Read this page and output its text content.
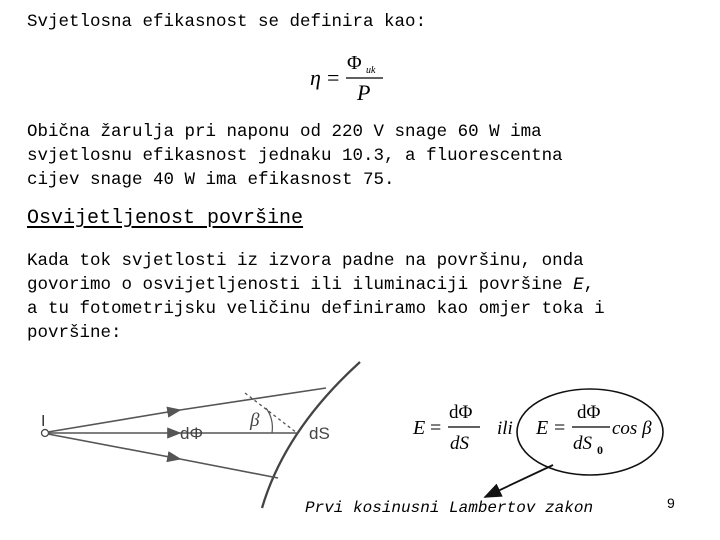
Svjetlosna efikasnost se definira kao:
η =
Φ uk
P
Obična žarulja pri naponu od 220 V snage 60 W ima
svjetlosnu efikasnost jednaku 10.3, a fluorescentna
cijev snage 40 W ima efikasnost 75.
Osvijetljenost površine
Kada tok svjetlosti iz izvora padne na površinu, onda
govorimo o osvijetljenosti ili iluminaciji površine E,
a tu fotometrijsku veličinu definiramo kao omjer toka i
površine:
I	β
dΦ	dS	E =
dΦ
dS
ili E =
dΦ
dS 0
cos β
Prvi kosinusni Lambertov zakon	9
